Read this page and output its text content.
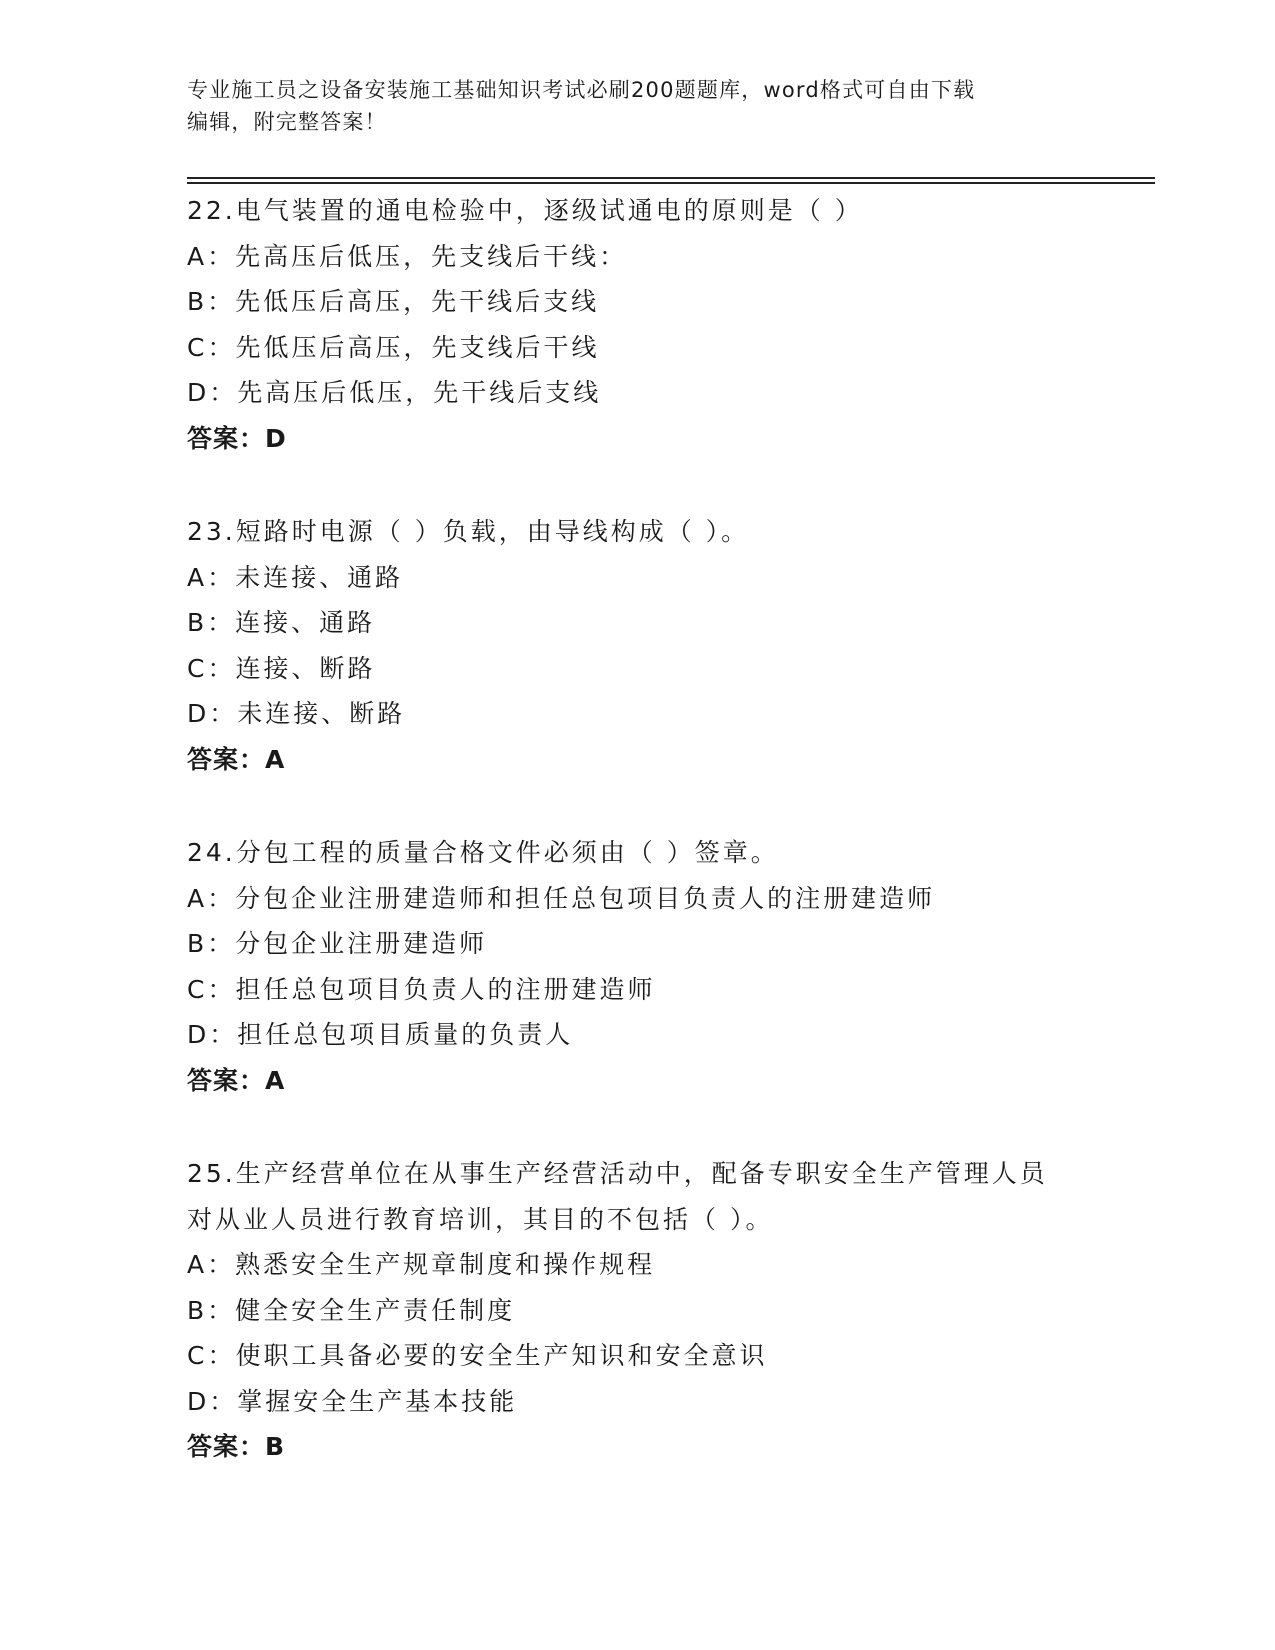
专业施工员之设备安装施工基础知识考试必刷200题题库，word格式可自由下载
编辑，附完整答案！
22.电气装置的通电检验中，逐级试通电的原则是（ ）
A：先高压后低压，先支线后干线：
B：先低压后高压，先干线后支线
C：先低压后高压，先支线后干线
D：先高压后低压，先干线后支线
答案：D
23.短路时电源（ ）负载，由导线构成（ ）。
A：未连接、通路
B：连接、通路
C：连接、断路
D：未连接、断路
答案：A
24.分包工程的质量合格文件必须由（ ）签章。
A：分包企业注册建造师和担任总包项目负责人的注册建造师
B：分包企业注册建造师
C：担任总包项目负责人的注册建造师
D：担任总包项目质量的负责人
答案：A
25.生产经营单位在从事生产经营活动中，配备专职安全生产管理人员
对从业人员进行教育培训，其目的不包括（ ）。
A：熟悉安全生产规章制度和操作规程
B：健全安全生产责任制度
C：使职工具备必要的安全生产知识和安全意识
D：掌握安全生产基本技能
答案：B
